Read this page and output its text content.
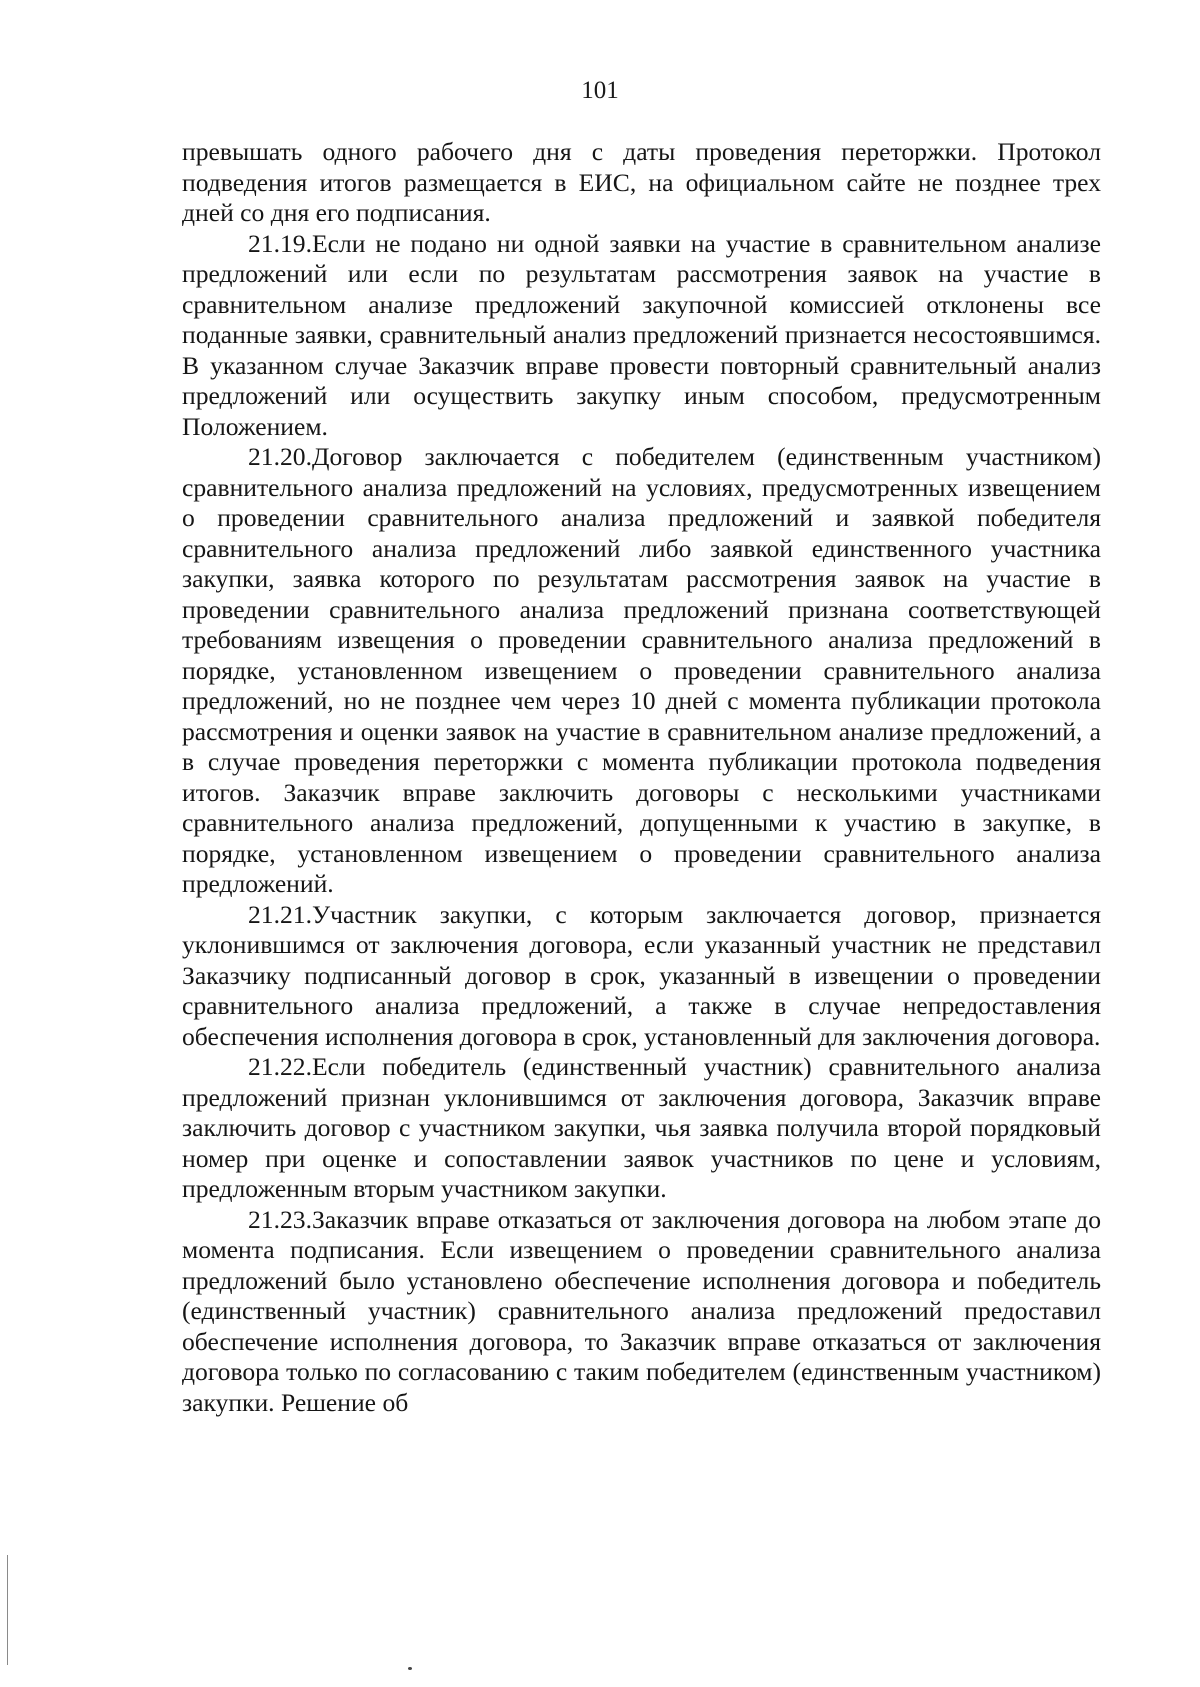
101

превышать одного рабочего дня с даты проведения переторжки. Протокол подведения итогов размещается в ЕИС, на официальном сайте не позднее трех дней со дня его подписания.

21.19.Если не подано ни одной заявки на участие в сравнительном анализе предложений или если по результатам рассмотрения заявок на участие в сравнительном анализе предложений закупочной комиссией отклонены все поданные заявки, сравнительный анализ предложений признается несостоявшимся. В указанном случае Заказчик вправе провести повторный сравнительный анализ предложений или осуществить закупку иным способом, предусмотренным Положением.

21.20.Договор заключается с победителем (единственным участником) сравнительного анализа предложений на условиях, предусмотренных извещением о проведении сравнительного анализа предложений и заявкой победителя сравнительного анализа предложений либо заявкой единственного участника закупки, заявка которого по результатам рассмотрения заявок на участие в проведении сравнительного анализа предложений признана соответствующей требованиям извещения о проведении сравнительного анализа предложений в порядке, установленном извещением о проведении сравнительного анализа предложений, но не позднее чем через 10 дней с момента публикации протокола рассмотрения и оценки заявок на участие в сравнительном анализе предложений, а в случае проведения переторжки с момента публикации протокола подведения итогов. Заказчик вправе заключить договоры с несколькими участниками сравнительного анализа предложений, допущенными к участию в закупке, в порядке, установленном извещением о проведении сравнительного анализа предложений.

21.21.Участник закупки, с которым заключается договор, признается уклонившимся от заключения договора, если указанный участник не представил Заказчику подписанный договор в срок, указанный в извещении о проведении сравнительного анализа предложений, а также в случае непредоставления обеспечения исполнения договора в срок, установленный для заключения договора.

21.22.Если победитель (единственный участник) сравнительного анализа предложений признан уклонившимся от заключения договора, Заказчик вправе заключить договор с участником закупки, чья заявка получила второй порядковый номер при оценке и сопоставлении заявок участников по цене и условиям, предложенным вторым участником закупки.

21.23.Заказчик вправе отказаться от заключения договора на любом этапе до момента подписания. Если извещением о проведении сравнительного анализа предложений было установлено обеспечение исполнения договора и победитель (единственный участник) сравнительного анализа предложений предоставил обеспечение исполнения договора, то Заказчик вправе отказаться от заключения договора только по согласованию с таким победителем (единственным участником) закупки. Решение об
